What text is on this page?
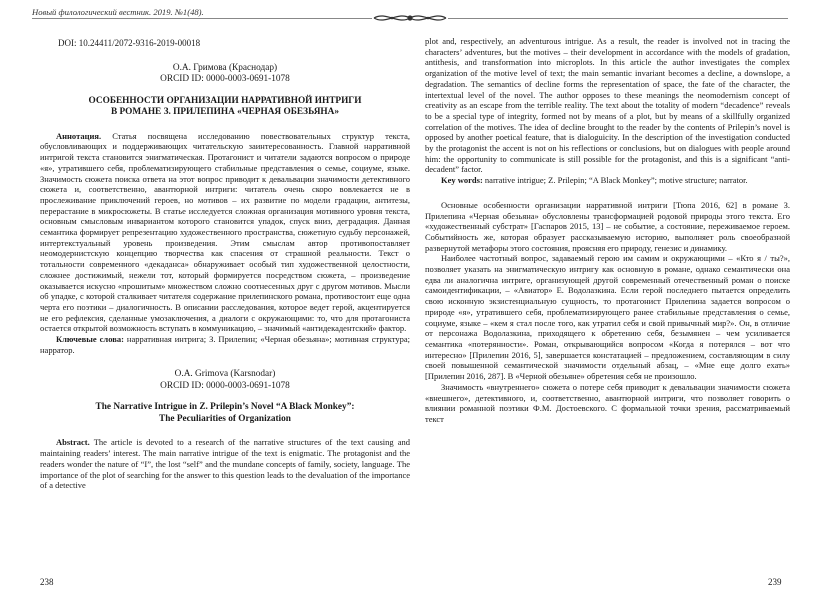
Новый филологический вестник. 2019. №1(48).
DOI: 10.24411/2072-9316-2019-00018
О.А. Гримова (Краснодар)
ORCID ID: 0000-0003-0691-1078
ОСОБЕННОСТИ ОРГАНИЗАЦИИ НАРРАТИВНОЙ ИНТРИГИ
В РОМАНЕ З. ПРИЛЕПИНА «ЧЕРНАЯ ОБЕЗЬЯНА»

Аннотация. Статья посвящена исследованию повествовательных структур текста, обусловливающих и поддерживающих читательскую заинтересованность. Главной нарративной интригой текста становится энигматическая. Протагонист и читатели задаются вопросом о природе «я», утратившего себя, проблематизирующего стабильные представления о семье, социуме, языке. Значимость сюжета поиска ответа на этот вопрос приводит к девальвации значимости детективного сюжета и, соответственно, авантюрной интриги: читатель очень скоро вовлекается не в прослеживание приключений героев, но мотивов – их развитие по модели градации, антитезы, перерастание в микросюжеты. В статье исследуется сложная организация мотивного уровня текста, основным смысловым инвариантом которого становится упадок, спуск вниз, деградация. Данная семантика формирует репрезентацию художественного пространства, сюжетную судьбу персонажей, интертекстуальный уровень произведения. Этим смыслам автор противопоставляет неомодернистскую концепцию творчества как спасения от страшной реальности. Текст о тотальности современного «декаданса» обнаруживает особый тип художественной целостности, сложнее достижимый, нежели тот, который формируется посредством сюжета, – произведение оказывается искусно «прошитым» множеством сложно соотнесенных друг с другом мотивов. Мысли об упадке, с которой сталкивает читателя содержание прилепинского романа, противостоит еще одна черта его поэтики – диалогичность. В описании расследования, которое ведет герой, акцентируется не его рефлексия, сделанные умозаключения, а диалоги с окружающими: то, что для протагониста остается открытой возможность вступать в коммуникацию, – значимый «антидекадентский» фактор.

Ключевые слова: нарративная интрига; З. Прилепин; «Черная обезьяна»; мотивная структура; нарратор.

O.A. Grimova (Karsnodar)
ORCID ID: 0000-0003-0691-1078
The Narrative Intrigue in Z. Prilepin’s Novel “A Black Monkey”:
The Peculiarities of Organization

Abstract. The article is devoted to a research of the narrative structures of the text causing and maintaining readers’ interest. The main narrative intrigue of the text is enigmatic. The protagonist and the readers wonder the nature of “I”, the lost “self” and the mundane concepts of family, society, language. The importance of the plot of searching for the answer to this question leads to the devaluation of the importance of a detective

238

plot and, respectively, an adventurous intrigue. As a result, the reader is involved not in tracing the characters’ adventures, but the motives – their development in accordance with the models of gradation, antithesis, and transformation into microplots. In this article the author investigates the complex organization of the motive level of text; the main semantic invariant becomes a decline, a downslope, a degradation. The semantics of decline forms the representation of space, the fate of the character, the intertextual level of the novel. The author opposes to these meanings the neomodernism concept of creativity as an escape from the terrible reality. The text about the totality of modern “decadence” reveals to be a special type of integrity, formed not by means of a plot, but by means of a skillfully organized correlation of the motives. The idea of decline brought to the reader by the contents of Prilepin’s novel is opposed by another poetical feature, that is dialoguicity. In the description of the investigation conducted by the protagonist the accent is not on his reflections or conclusions, but on dialogues with people around him: the opportunity to communicate is still possible for the protagonist, and this is a significant “anti-decadent” factor.

Key words: narrative intrigue; Z. Prilepin; “A Black Monkey”; motive structure; narrator.

Основные особенности организации нарративной интриги [Тюпа 2016, 62] в романе З. Прилепина «Черная обезьяна» обусловлены трансформацией родовой природы этого текста. Его «художественный субстрат» [Гаспаров 2015, 13] – не событие, а состояние, переживаемое героем. Событийность же, которая образует рассказываемую историю, выполняет роль своеобразной развернутой метафоры этого состояния, проясняя его природу, генезис и динамику.

Наиболее частотный вопрос, задаваемый герою им самим и окружающими – «Кто я / ты?», позволяет указать на энигматическую интригу как основную в романе, однако семантически она едва ли аналогична интриге, организующей другой современный отечественный роман о поиске самоидентификации, – «Авиатор» Е. Водолазкина. Если герой последнего пытается определить свою исконную экзистенциальную сущность, то протагонист Прилепина задается вопросом о природе «я», утратившего себя, проблематизирующего ранее стабильные представления о семье, социуме, языке – «кем я стал после того, как утратил себя и свой привычный мир?». Он, в отличие от персонажа Водолазкина, приходящего к обретению себя, безымянен – чем усиливается семантика «потерянности». Роман, открывающийся вопросом «Когда я потерялся – вот что интересно» [Прилепин 2016, 5], завершается констатацией – предложением, составляющим в силу своей повышенной семантической значимости отдельный абзац, – «Мне еще долго ехать» [Прилепин 2016, 287]. В «Черной обезьяне» обретения себя не произошло.

Значимость «внутреннего» сюжета о потере себя приводит к девальвации значимости сюжета «внешнего», детективного, и, соответственно, авантюрной интриги, что позволяет говорить о влиянии романной поэтики Ф.М. Достоевского. С формальной точки зрения, рассматриваемый текст

239
